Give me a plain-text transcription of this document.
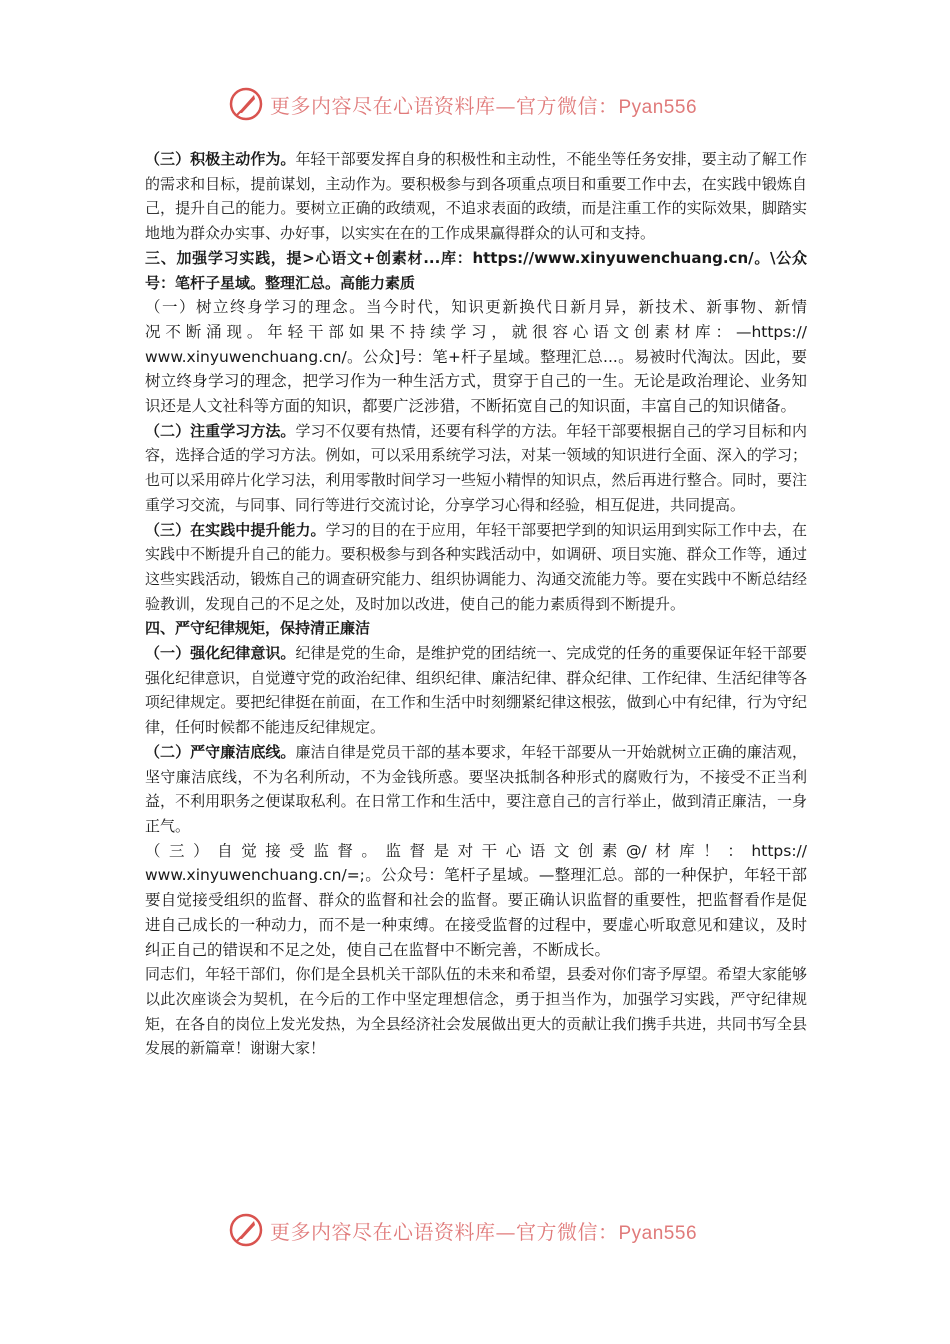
更多内容尽在心语资料库—官方微信：Pyan556

（三）积极主动作为。年轻干部要发挥自身的积极性和主动性，不能坐等任务安排，要主动了解工作的需求和目标，提前谋划，主动作为。要积极参与到各项重点项目和重要工作中去，在实践中锻炼自己，提升自己的能力。要树立正确的政绩观，不追求表面的政绩，而是注重工作的实际效果，脚踏实地地为群众办实事、办好事，以实实在在的工作成果赢得群众的认可和支持。

三、加强学习实践，提>心语文+创素材...库：https://www.xinyuwenchuang.cn/。\公众号：笔杆子星域。整理汇总。高能力素质

（一）树立终身学习的理念。当今时代，知识更新换代日新月异，新技术、新事物、新情

况不断涌现。年轻干部如果不持续学习，就很容心语文创素材库：—https://

www.xinyuwenchuang.cn/。公众]号：笔+杆子星域。整理汇总...。易被时代淘汰。因此，要树立终身学习的理念，把学习作为一种生活方式，贯穿于自己的一生。无论是政治理论、业务知识还是人文社科等方面的知识，都要广泛涉猎，不断拓宽自己的知识面，丰富自己的知识储备。

（二）注重学习方法。学习不仅要有热情，还要有科学的方法。年轻干部要根据自己的学习目标和内容，选择合适的学习方法。例如，可以采用系统学习法，对某一领域的知识进行全面、深入的学习；也可以采用碎片化学习法，利用零散时间学习一些短小精悍的知识点，然后再进行整合。同时，要注重学习交流，与同事、同行等进行交流讨论，分享学习心得和经验，相互促进，共同提高。

（三）在实践中提升能力。学习的目的在于应用，年轻干部要把学到的知识运用到实际工作中去，在实践中不断提升自己的能力。要积极参与到各种实践活动中，如调研、项目实施、群众工作等，通过这些实践活动，锻炼自己的调查研究能力、组织协调能力、沟通交流能力等。要在实践中不断总结经验教训，发现自己的不足之处，及时加以改进，使自己的能力素质得到不断提升。

四、严守纪律规矩，保持清正廉洁

（一）强化纪律意识。纪律是党的生命，是维护党的团结统一、完成党的任务的重要保证年轻干部要强化纪律意识，自觉遵守党的政治纪律、组织纪律、廉洁纪律、群众纪律、工作纪律、生活纪律等各项纪律规定。要把纪律挺在前面，在工作和生活中时刻绷紧纪律这根弦，做到心中有纪律，行为守纪律，任何时候都不能违反纪律规定。

（二）严守廉洁底线。廉洁自律是党员干部的基本要求，年轻干部要从一开始就树立正确的廉洁观，坚守廉洁底线，不为名利所动，不为金钱所惑。要坚决抵制各种形式的腐败行为，不接受不正当利益，不利用职务之便谋取私利。在日常工作和生活中，要注意自己的言行举止，做到清正廉洁，一身正气。

（三）自觉接受监督。监督是对干心语文创素@/材库！：https://

www.xinyuwenchuang.cn/=;。公众号：笔杆子星域。—整理汇总。部的一种保护，年轻干部要自觉接受组织的监督、群众的监督和社会的监督。要正确认识监督的重要性，把监督看作是促进自己成长的一种动力，而不是一种束缚。在接受监督的过程中，要虚心听取意见和建议，及时纠正自己的错误和不足之处，使自己在监督中不断完善，不断成长。

同志们，年轻干部们，你们是全县机关干部队伍的未来和希望，县委对你们寄予厚望。希望大家能够以此次座谈会为契机，在今后的工作中坚定理想信念，勇于担当作为，加强学习实践，严守纪律规矩，在各自的岗位上发光发热，为全县经济社会发展做出更大的贡献让我们携手共进，共同书写全县发展的新篇章！谢谢大家！

更多内容尽在心语资料库—官方微信：Pyan556
